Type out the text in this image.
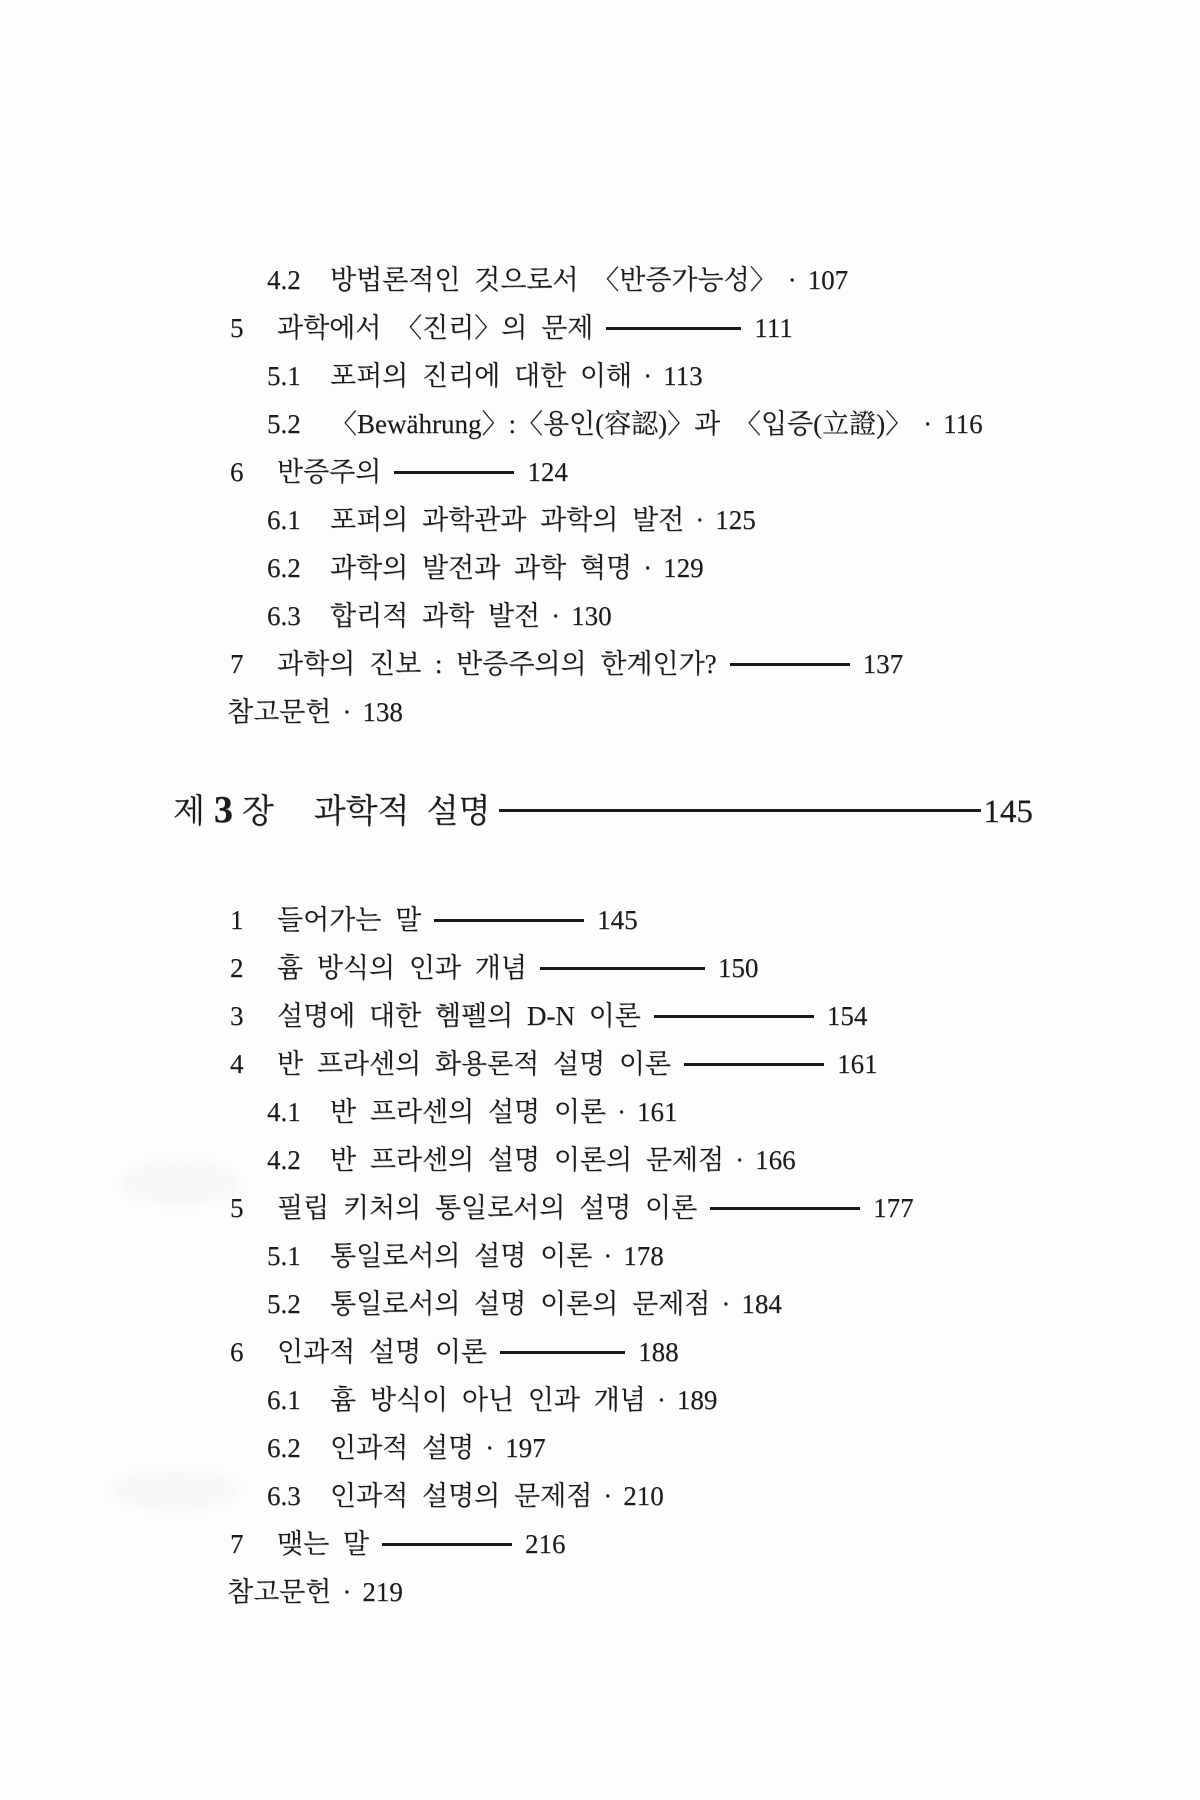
4.2	방법론적인 것으로서 〈반증가능성〉 · 107
5	과학에서 〈진리〉의 문제	111
5.1	포퍼의 진리에 대한 이해 · 113
5.2	〈Bewährung〉:〈용인(容認)〉과 〈입증(立證)〉 · 116
6	반증주의	124
6.1	포퍼의 과학관과 과학의 발전 · 125
6.2	과학의 발전과 과학 혁명 · 129
6.3	합리적 과학 발전 · 130
7	과학의 진보 : 반증주의의 한계인가?	137
참고문헌 · 138
제 3 장 과학적 설명	145
1	들어가는 말	145
2	흄 방식의 인과 개념	150
3	설명에 대한 헴펠의 D-N 이론	154
4	반 프라센의 화용론적 설명 이론	161
4.1	반 프라센의 설명 이론 · 161
4.2	반 프라센의 설명 이론의 문제점 · 166
5	필립 키처의 통일로서의 설명 이론	177
5.1	통일로서의 설명 이론 · 178
5.2	통일로서의 설명 이론의 문제점 · 184
6	인과적 설명 이론	188
6.1	흄 방식이 아닌 인과 개념 · 189
6.2	인과적 설명 · 197
6.3	인과적 설명의 문제점 · 210
7	맺는 말	216
참고문헌 · 219
